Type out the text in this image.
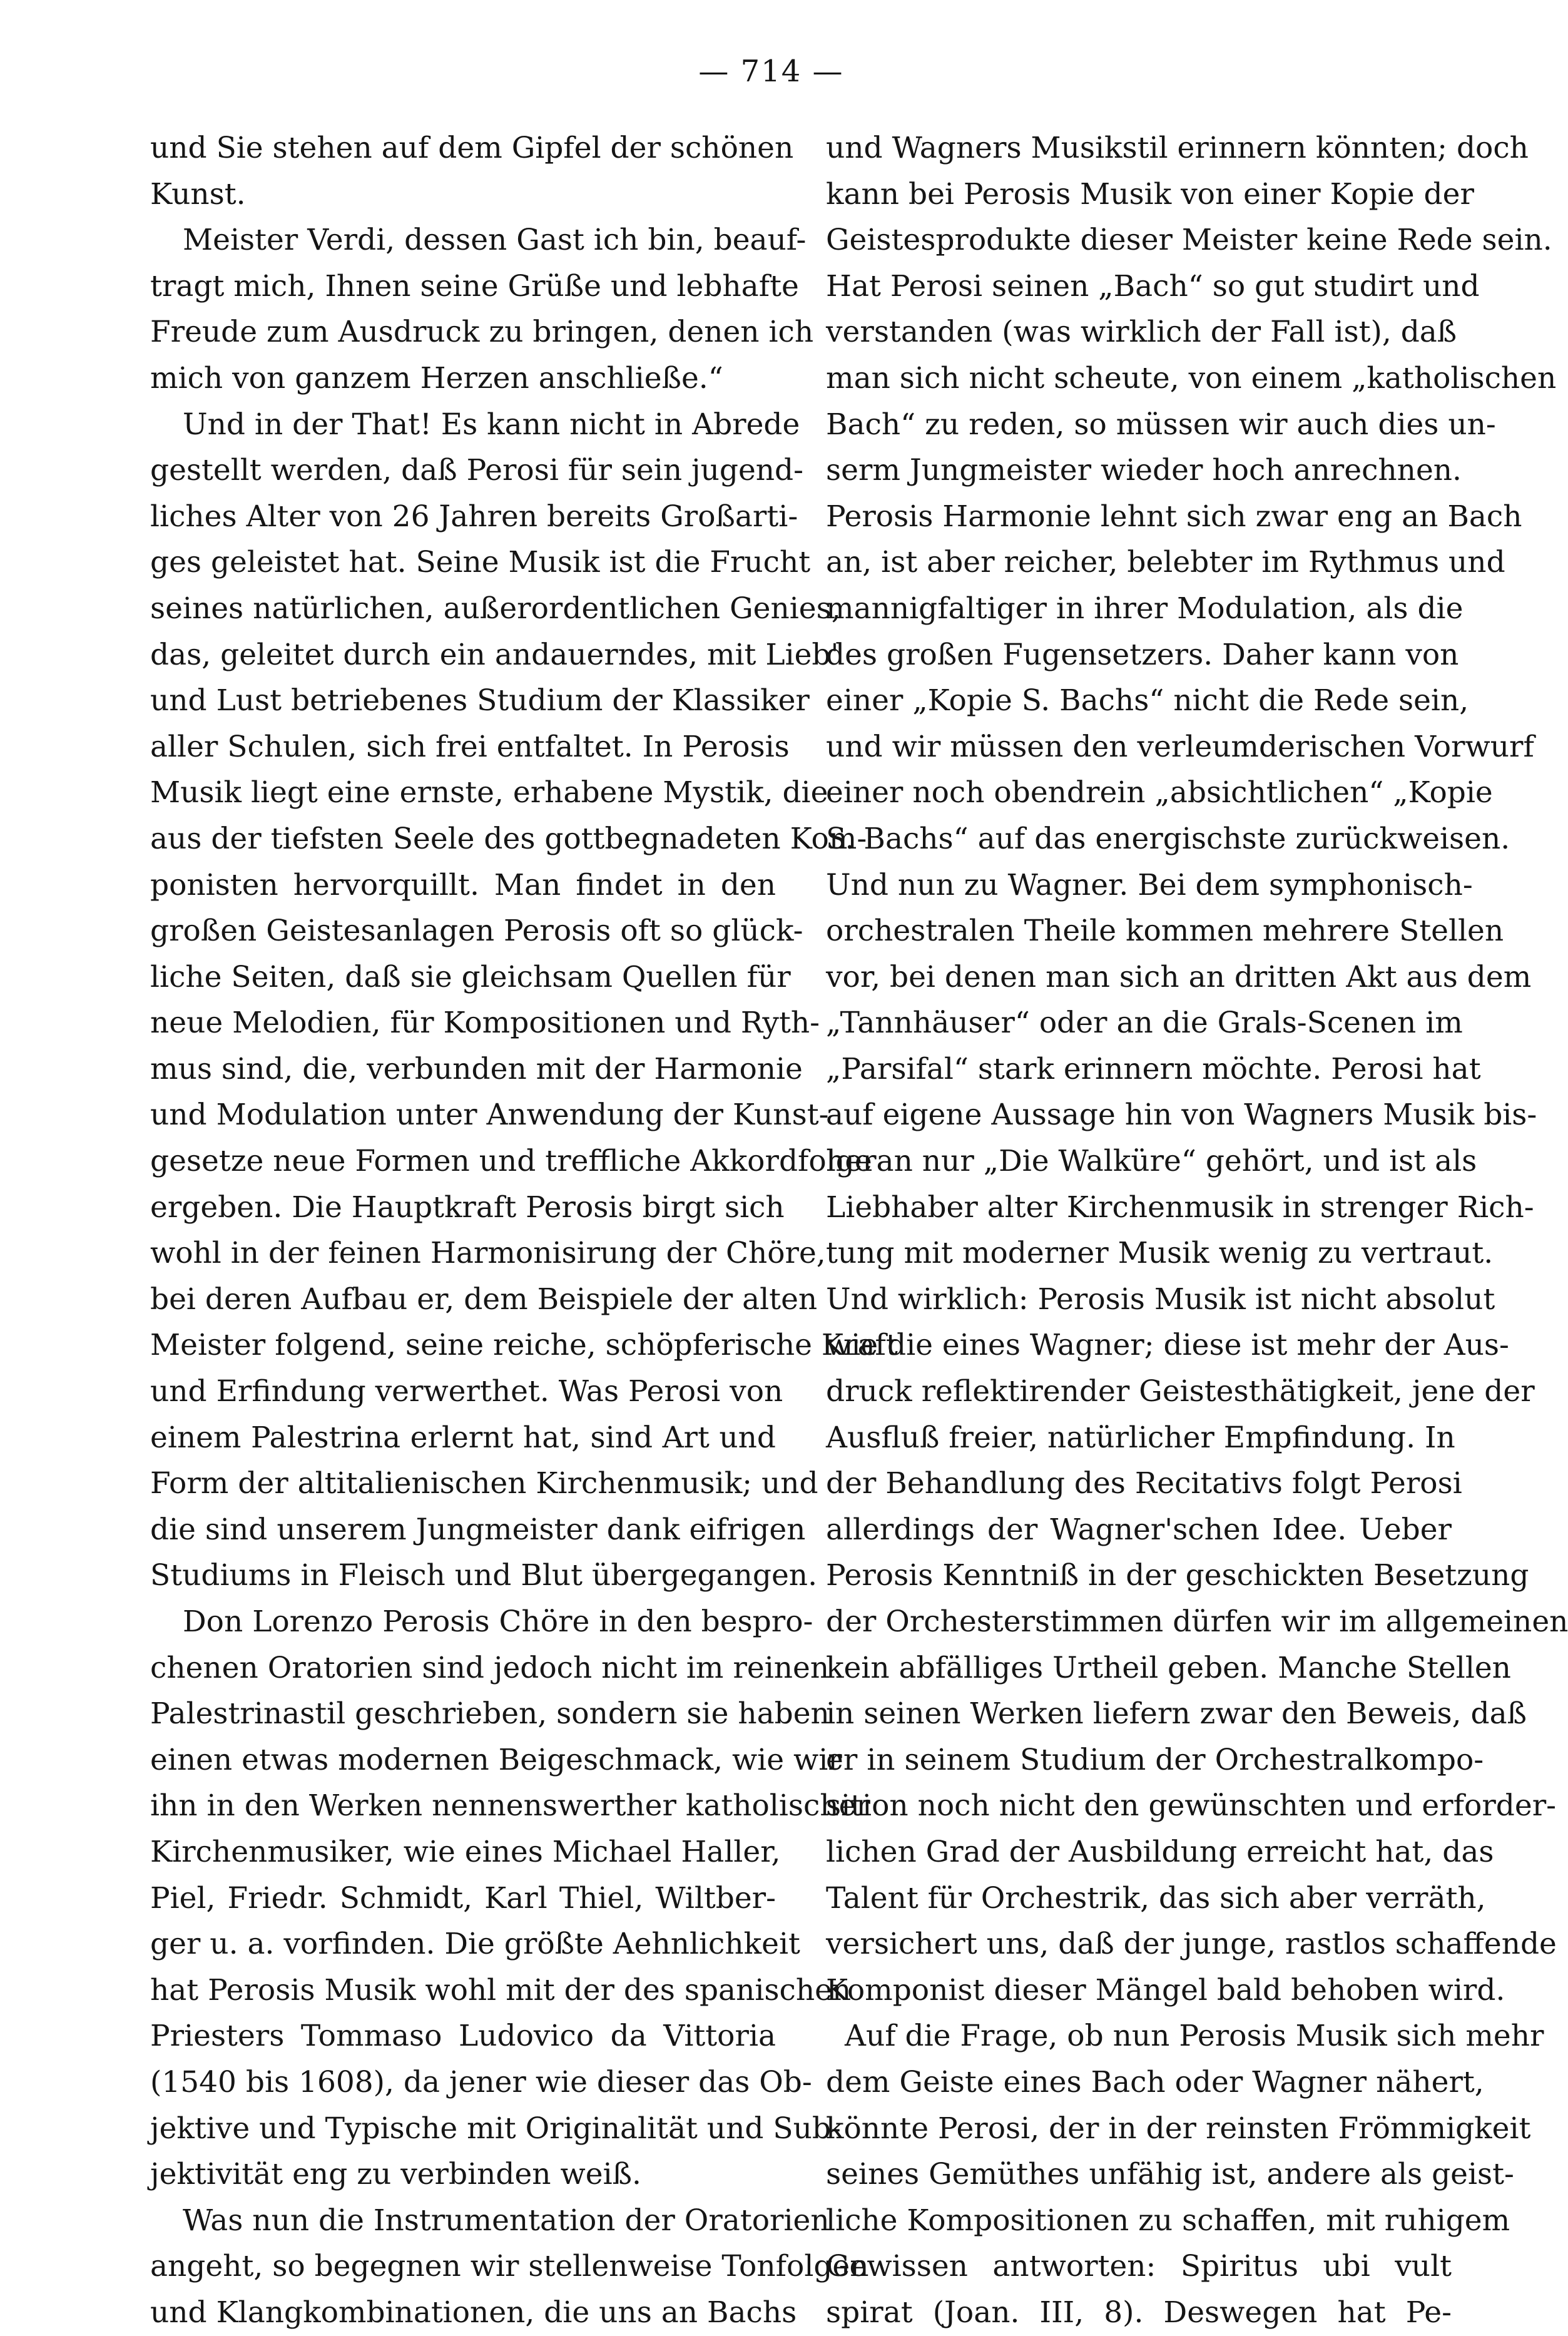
— 714 —
und Sie stehen auf dem Gipfel der schönen
Kunst.
Meister Verdi, dessen Gast ich bin, beauf-
tragt mich, Ihnen seine Grüße und lebhafte
Freude zum Ausdruck zu bringen, denen ich
mich von ganzem Herzen anschließe.“
Und in der That! Es kann nicht in Abrede
gestellt werden, daß Perosi für sein jugend-
liches Alter von 26 Jahren bereits Großarti-
ges geleistet hat. Seine Musik ist die Frucht
seines natürlichen, außerordentlichen Genies,
das, geleitet durch ein andauerndes, mit Lieb'
und Lust betriebenes Studium der Klassiker
aller Schulen, sich frei entfaltet. In Perosis
Musik liegt eine ernste, erhabene Mystik, die
aus der tiefsten Seele des gottbegnadeten Kom-
ponisten hervorquillt. Man findet in den
großen Geistesanlagen Perosis oft so glück-
liche Seiten, daß sie gleichsam Quellen für
neue Melodien, für Kompositionen und Ryth-
mus sind, die, verbunden mit der Harmonie
und Modulation unter Anwendung der Kunst-
gesetze neue Formen und treffliche Akkordfolge
ergeben. Die Hauptkraft Perosis birgt sich
wohl in der feinen Harmonisirung der Chöre,
bei deren Aufbau er, dem Beispiele der alten
Meister folgend, seine reiche, schöpferische Kraft
und Erfindung verwerthet. Was Perosi von
einem Palestrina erlernt hat, sind Art und
Form der altitalienischen Kirchenmusik; und
die sind unserem Jungmeister dank eifrigen
Studiums in Fleisch und Blut übergegangen.
Don Lorenzo Perosis Chöre in den bespro-
chenen Oratorien sind jedoch nicht im reinen
Palestrinastil geschrieben, sondern sie haben
einen etwas modernen Beigeschmack, wie wir
ihn in den Werken nennenswerther katholischer
Kirchenmusiker, wie eines Michael Haller,
Piel, Friedr. Schmidt, Karl Thiel, Wiltber-
ger u. a. vorfinden. Die größte Aehnlichkeit
hat Perosis Musik wohl mit der des spanischen
Priesters Tommaso Ludovico da Vittoria
(1540 bis 1608), da jener wie dieser das Ob-
jektive und Typische mit Originalität und Sub-
jektivität eng zu verbinden weiß.
Was nun die Instrumentation der Oratorien
angeht, so begegnen wir stellenweise Tonfolgen
und Klangkombinationen, die uns an Bachs
und Wagners Musikstil erinnern könnten; doch
kann bei Perosis Musik von einer Kopie der
Geistesprodukte dieser Meister keine Rede sein.
Hat Perosi seinen „Bach“ so gut studirt und
verstanden (was wirklich der Fall ist), daß
man sich nicht scheute, von einem „katholischen
Bach“ zu reden, so müssen wir auch dies un-
serm Jungmeister wieder hoch anrechnen.
Perosis Harmonie lehnt sich zwar eng an Bach
an, ist aber reicher, belebter im Rythmus und
mannigfaltiger in ihrer Modulation, als die
des großen Fugensetzers. Daher kann von
einer „Kopie S. Bachs“ nicht die Rede sein,
und wir müssen den verleumderischen Vorwurf
einer noch obendrein „absichtlichen“ „Kopie
S. Bachs“ auf das energischste zurückweisen.
Und nun zu Wagner. Bei dem symphonisch-
orchestralen Theile kommen mehrere Stellen
vor, bei denen man sich an dritten Akt aus dem
„Tannhäuser“ oder an die Grals-Scenen im
„Parsifal“ stark erinnern möchte. Perosi hat
auf eigene Aussage hin von Wagners Musik bis-
heran nur „Die Walküre“ gehört, und ist als
Liebhaber alter Kirchenmusik in strenger Rich-
tung mit moderner Musik wenig zu vertraut.
Und wirklich: Perosis Musik ist nicht absolut
wie die eines Wagner; diese ist mehr der Aus-
druck reflektirender Geistesthätigkeit, jene der
Ausfluß freier, natürlicher Empfindung. In
der Behandlung des Recitativs folgt Perosi
allerdings der Wagner'schen Idee. Ueber
Perosis Kenntniß in der geschickten Besetzung
der Orchesterstimmen dürfen wir im allgemeinen
kein abfälliges Urtheil geben. Manche Stellen
in seinen Werken liefern zwar den Beweis, daß
er in seinem Studium der Orchestralkompo-
sition noch nicht den gewünschten und erforder-
lichen Grad der Ausbildung erreicht hat, das
Talent für Orchestrik, das sich aber verräth,
versichert uns, daß der junge, rastlos schaffende
Komponist dieser Mängel bald behoben wird.
Auf die Frage, ob nun Perosis Musik sich mehr
dem Geiste eines Bach oder Wagner nähert,
könnte Perosi, der in der reinsten Frömmigkeit
seines Gemüthes unfähig ist, andere als geist-
liche Kompositionen zu schaffen, mit ruhigem
Gewissen antworten: Spiritus ubi vult
spirat (Joan. III, 8). Deswegen hat Pe-
